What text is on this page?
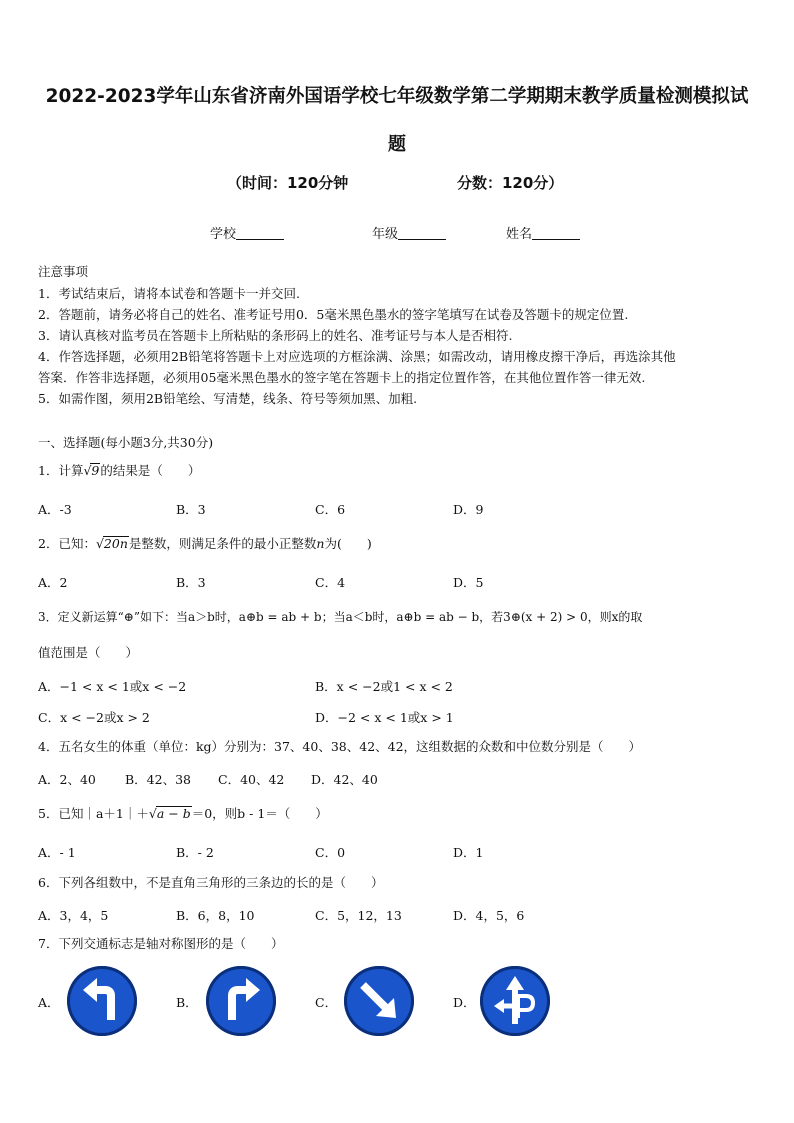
2022-2023学年山东省济南外国语学校七年级数学第二学期期末教学质量检测模拟试
题
（时间：120分钟	分数：120分）
学校	年级	姓名
注意事项
1．考试结束后，请将本试卷和答题卡一并交回.
2．答题前，请务必将自己的姓名、准考证号用0．5毫米黑色墨水的签字笔填写在试卷及答题卡的规定位置.
3．请认真核对监考员在答题卡上所粘贴的条形码上的姓名、准考证号与本人是否相符.
4．作答选择题，必须用2B铅笔将答题卡上对应选项的方框涂满、涂黑；如需改动，请用橡皮擦干净后，再选涂其他
答案．作答非选择题，必须用05毫米黑色墨水的签字笔在答题卡上的指定位置作答，在其他位置作答一律无效.
5．如需作图，须用2B铅笔绘、写清楚，线条、符号等须加黑、加粗.
一、选择题(每小题3分,共30分)
1．计算√9的结果是（　　）
A．-3	B．3	C．6	D．9
2．已知：√20n是整数，则满足条件的最小正整数n为(　　)
A．2	B．3	C．4	D．5
3．定义新运算“⊕”如下：当a＞b时，a⊕b = ab + b；当a＜b时，a⊕b = ab − b，若3⊕(x + 2) > 0，则x的取
值范围是（　　）
A．−1 < x < 1或x < −2	B．x < −2或1 < x < 2
C．x < −2或x > 2	D．−2 < x < 1或x > 1
4．五名女生的体重（单位：kg）分别为：37、40、38、42、42，这组数据的众数和中位数分别是（　　）
A．2、40 B．42、38 C．40、42 D．42、40
5．已知｜a＋1｜＋√a − b＝0，则b - 1＝（　　）
A．- 1	B．- 2	C．0	D．1
6．下列各组数中，不是直角三角形的三条边的长的是（　　）
A．3，4，5	B．6，8，10	C．5，12，13	D．4，5，6
7．下列交通标志是轴对称图形的是（　　）
A．	B．	C．	D．
